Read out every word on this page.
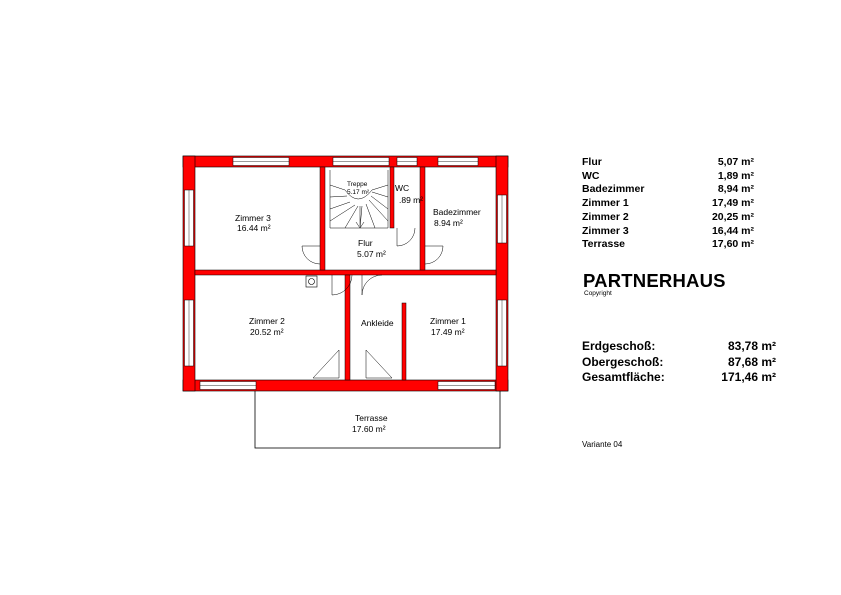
Zimmer 3
16.44 m²
Treppe
5.17 m²	WC
.89 m²
Badezimmer
8.94 m²
Flur
5.07 m²
Zimmer 2
20.52 m²
Ankleide	Zimmer 1
17.49 m²
Terrasse
17.60 m²
Flur	5,07 m²
WC	1,89 m²
Badezimmer	8,94 m²
Zimmer 1	17,49 m²
Zimmer 2	20,25 m²
Zimmer 3	16,44 m²
Terrasse	17,60 m²
PARTNERHAUS
Copyright
Erdgeschoß:	83,78 m²
Obergeschoß:	87,68 m²
Gesamtfläche:	171,46 m²
Variante 04
